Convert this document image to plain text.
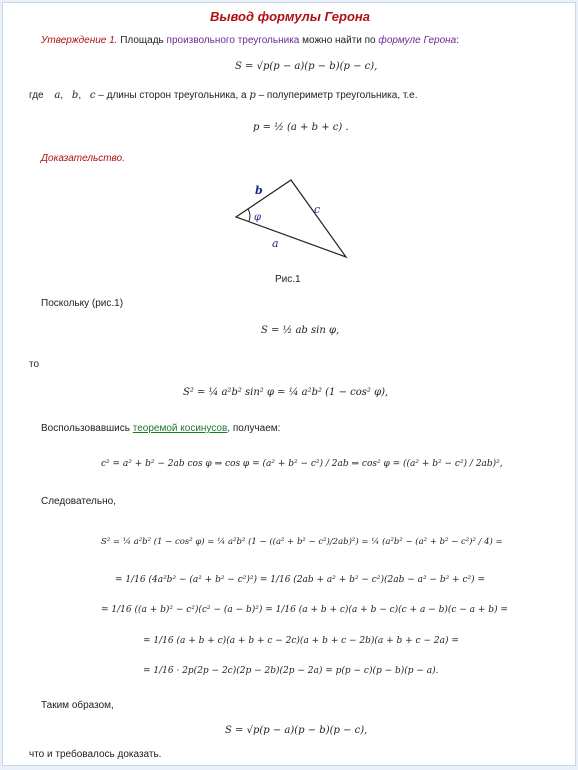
Вывод формулы Герона
Утверждение 1. Площадь произвольного треугольника можно найти по формуле Герона:
S = √p(p − a)(p − b)(p − c),
где a, b, c – длины сторон треугольника, а p – полупериметр треугольника, т.е.
p = ½ (a + b + c) .
Доказательство.
φ
b
c
a
Рис.1
Поскольку (рис.1)
S = ½ ab sin φ,
то
S² = ¼ a²b² sin² φ = ¼ a²b² (1 − cos² φ),
Воспользовавшись теоремой косинусов, получаем:
c² = a² + b² − 2ab cos φ ⇒ cos φ = (a² + b² − c²) / 2ab ⇒ cos² φ = ((a² + b² − c²) / 2ab)²,
Следовательно,
S² = ¼ a²b² (1 − cos² φ) = ¼ a²b² (1 − ((a² + b² − c²)/2ab)²) = ¼ (a²b² − (a² + b² − c²)² / 4) =
= 1/16 (4a²b² − (a² + b² − c²)²) = 1/16 (2ab + a² + b² − c²)(2ab − a² − b² + c²) =
= 1/16 ((a + b)² − c²)(c² − (a − b)²) = 1/16 (a + b + c)(a + b − c)(c + a − b)(c − a + b) =
= 1/16 (a + b + c)(a + b + c − 2c)(a + b + c − 2b)(a + b + c − 2a) =
= 1/16 · 2p(2p − 2c)(2p − 2b)(2p − 2a) = p(p − c)(p − b)(p − a).
Таким образом,
S = √p(p − a)(p − b)(p − c),
что и требовалось доказать.
